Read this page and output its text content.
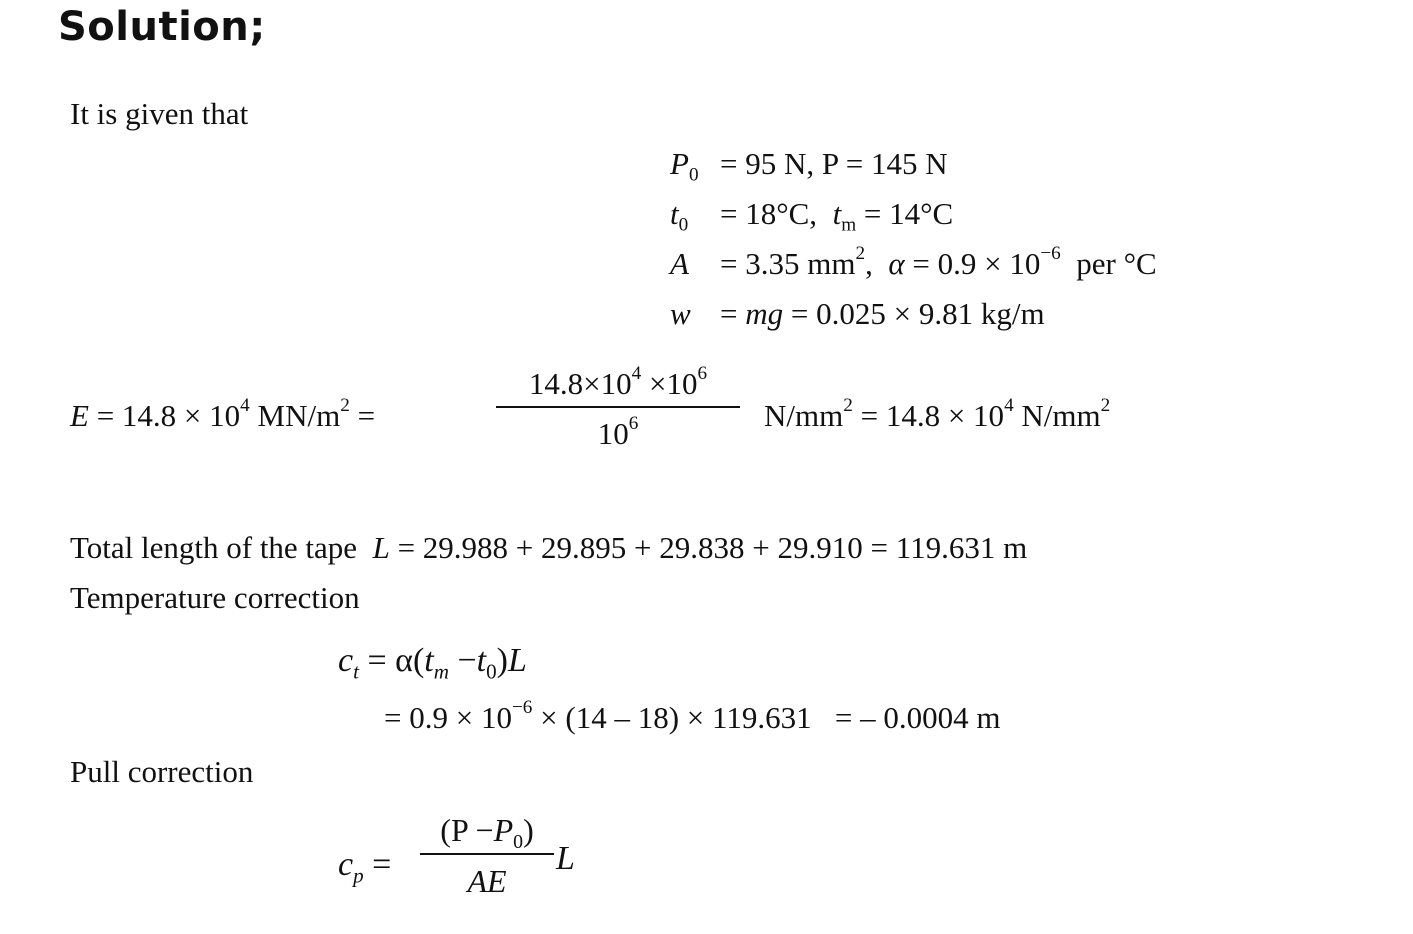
Solution;
It is given that
$P_0 = 95$ N, P = 145 N
$t_0 = 18^\circ C$, $t_m = 14^\circ C$
A = 3.35 $mm^2$, $\alpha = 0.9 \times 10^{-6}$ per °C
w = mg = 0.025 × 9.81 kg/m
$E = 14.8 \times 10^4$ $MN/m^2$ =
$14.8\times 10^4 \times 10^6$
$10^6$	$N/mm^2 = 14.8 \times 10^4$ $N/mm^2$
Total length of the tape L = 29.988 + 29.895 + 29.838 + 29.910 = 119.631 m
Temperature correction
$c_t = \alpha(t_m -t_0)L$
= $0.9 \times 10^{-6} \times (14 - 18) \times 119.631$ = – 0.0004 m
Pull correction
$c_p$ =
$(P -P_0)$
AE
L
